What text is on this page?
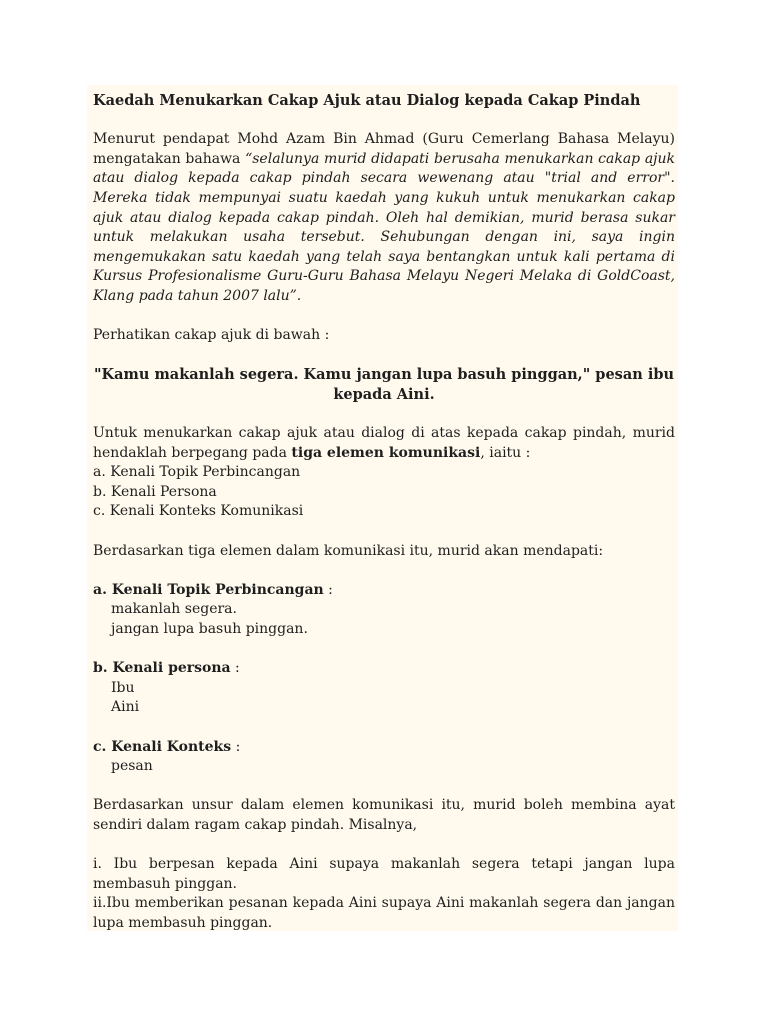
Kaedah Menukarkan Cakap Ajuk atau Dialog kepada Cakap Pindah

Menurut pendapat Mohd Azam Bin Ahmad (Guru Cemerlang Bahasa Melayu) mengatakan bahawa “selalunya murid didapati berusaha menukarkan cakap ajuk atau dialog kepada cakap pindah secara wewenang atau "trial and error". Mereka tidak mempunyai suatu kaedah yang kukuh untuk menukarkan cakap ajuk atau dialog kepada cakap pindah. Oleh hal demikian, murid berasa sukar untuk melakukan usaha tersebut. Sehubungan dengan ini, saya ingin mengemukakan satu kaedah yang telah saya bentangkan untuk kali pertama di Kursus Profesionalisme Guru-Guru Bahasa Melayu Negeri Melaka di GoldCoast, Klang pada tahun 2007 lalu”.

Perhatikan cakap ajuk di bawah :

"Kamu makanlah segera. Kamu jangan lupa basuh pinggan," pesan ibu kepada Aini.

Untuk menukarkan cakap ajuk atau dialog di atas kepada cakap pindah, murid hendaklah berpegang pada tiga elemen komunikasi, iaitu :

a. Kenali Topik Perbincangan

b. Kenali Persona

c. Kenali Konteks Komunikasi

Berdasarkan tiga elemen dalam komunikasi itu, murid akan mendapati:

a. Kenali Topik Perbincangan :

makanlah segera.

jangan lupa basuh pinggan.

b. Kenali persona :

Ibu

Aini

c. Kenali Konteks :

pesan

Berdasarkan unsur dalam elemen komunikasi itu, murid boleh membina ayat sendiri dalam ragam cakap pindah. Misalnya,

i. Ibu berpesan kepada Aini supaya makanlah segera tetapi jangan lupa membasuh pinggan.

ii.Ibu memberikan pesanan kepada Aini supaya Aini makanlah segera dan jangan lupa membasuh pinggan.
